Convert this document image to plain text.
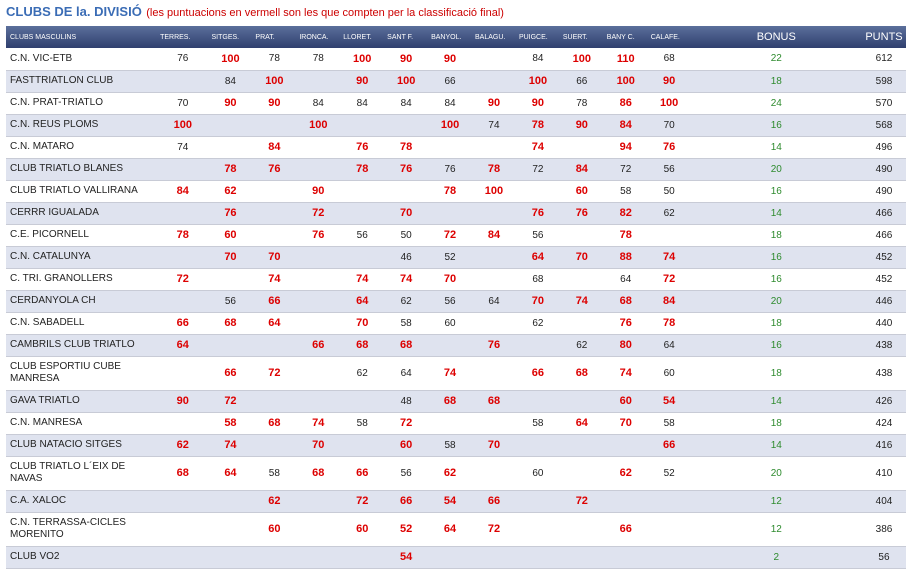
CLUBS DE la. DIVISIÓ (les puntuacions en vermell son les que compten per la classificació final)
CLUBS MASCULINS	TERRES.	SITGES.	PRAT.	IRONCA.	LLORET.	SANT F.	BANYOL.	BALAGU.	PUIGCE.	SUERT.	BANY C.	CALAFE.	BONUS	PUNTS
C.N. VIC-ETB	76	100	78	78	100	90	90		84	100	110	68	22	612
FASTTRIATLON CLUB		84	100		90	100	66		100	66	100	90	18	598
C.N. PRAT-TRIATLO	70	90	90	84	84	84	84	90	90	78	86	100	24	570
C.N. REUS PLOMS	100			100			100	74	78	90	84	70	16	568
C.N. MATARO	74		84		76	78			74		94	76	14	496
CLUB TRIATLO BLANES		78	76		78	76	76	78	72	84	72	56	20	490
CLUB TRIATLO VALLIRANA	84	62		90			78	100		60	58	50	16	490
CERRR IGUALADA		76		72		70			76	76	82	62	14	466
C.E. PICORNELL	78	60		76	56	50	72	84	56		78		18	466
C.N. CATALUNYA		70	70			46	52		64	70	88	74	16	452
C. TRI. GRANOLLERS	72		74		74	74	70		68		64	72	16	452
CERDANYOLA CH		56	66		64	62	56	64	70	74	68	84	20	446
C.N. SABADELL	66	68	64		70	58	60		62		76	78	18	440
CAMBRILS CLUB TRIATLO	64			66	68	68		76		62	80	64	16	438
CLUB ESPORTIU CUBE MANRESA		66	72		62	64	74		66	68	74	60	18	438
GAVA TRIATLO	90	72				48	68	68			60	54	14	426
C.N. MANRESA		58	68	74	58	72			58	64	70	58	18	424
CLUB NATACIO SITGES	62	74		70		60	58	70				66	14	416
CLUB TRIATLO L´EIX DE NAVAS	68	64	58	68	66	56	62		60		62	52	20	410
C.A. XALOC			62		72	66	54	66		72			12	404
C.N. TERRASSA-CICLES MORENITO			60		60	52	64	72			66		12	386
CLUB VO2						54							2	56
